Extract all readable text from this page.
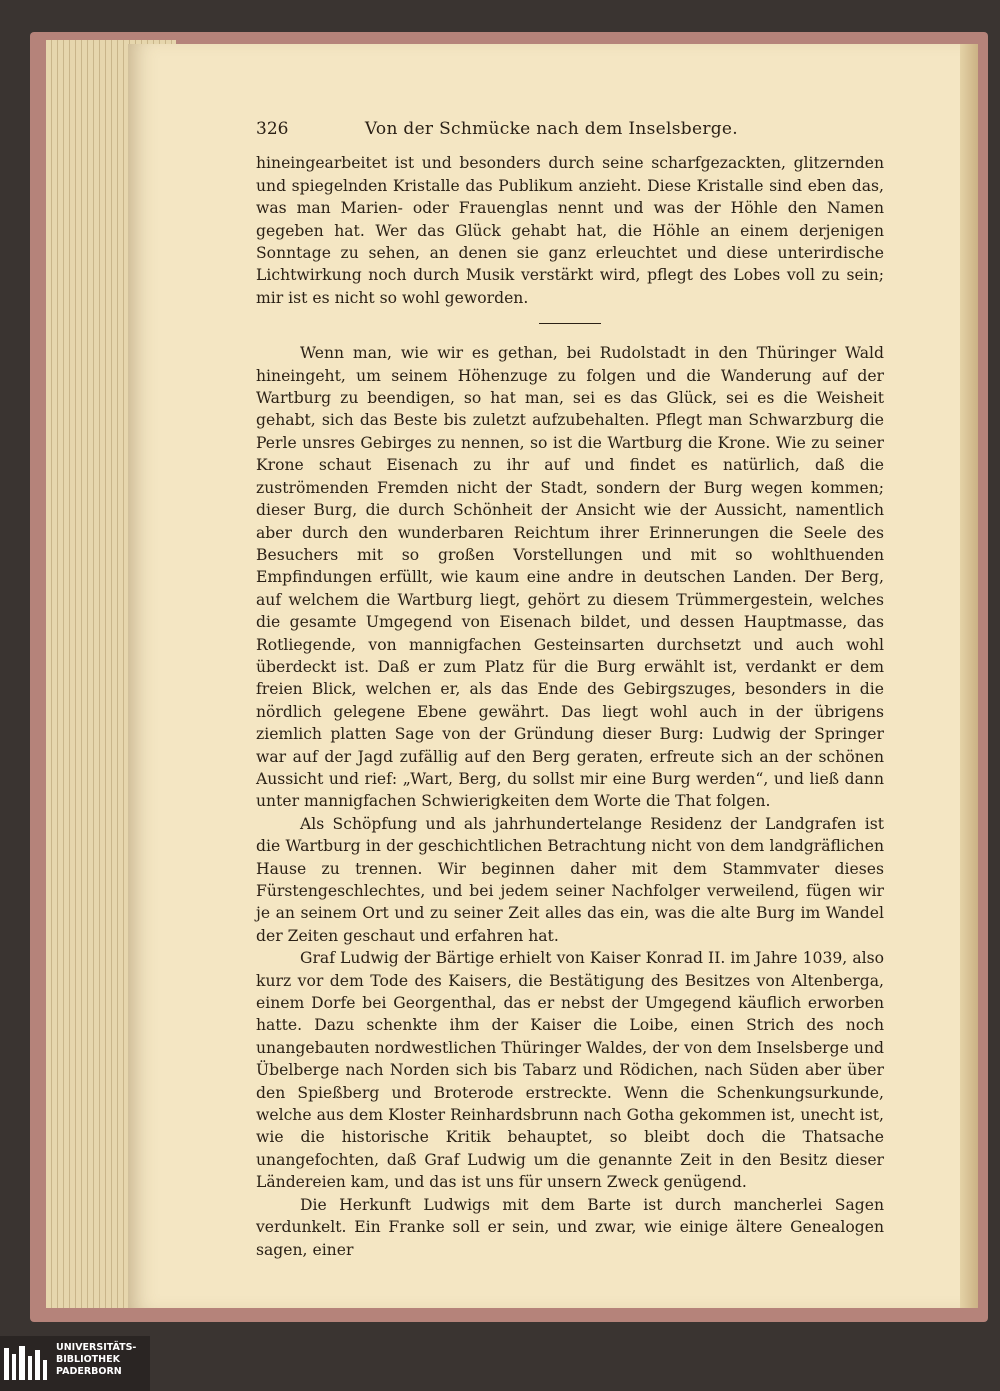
326	Von der Schmücke nach dem Inselsberge.

hineingearbeitet ist und besonders durch seine scharfgezackten, glitzernden und spiegelnden Kristalle das Publikum anzieht. Diese Kristalle sind eben das, was man Marien- oder Frauenglas nennt und was der Höhle den Namen gegeben hat. Wer das Glück gehabt hat, die Höhle an einem derjenigen Sonntage zu sehen, an denen sie ganz erleuchtet und diese unterirdische Lichtwirkung noch durch Musik verstärkt wird, pflegt des Lobes voll zu sein; mir ist es nicht so wohl geworden.

Wenn man, wie wir es gethan, bei Rudolstadt in den Thüringer Wald hineingeht, um seinem Höhenzuge zu folgen und die Wanderung auf der Wartburg zu beendigen, so hat man, sei es das Glück, sei es die Weisheit gehabt, sich das Beste bis zuletzt aufzubehalten. Pflegt man Schwarzburg die Perle unsres Gebirges zu nennen, so ist die Wartburg die Krone. Wie zu seiner Krone schaut Eisenach zu ihr auf und findet es natürlich, daß die zuströmenden Fremden nicht der Stadt, sondern der Burg wegen kommen; dieser Burg, die durch Schönheit der Ansicht wie der Aussicht, namentlich aber durch den wunderbaren Reichtum ihrer Erinnerungen die Seele des Besuchers mit so großen Vorstellungen und mit so wohlthuenden Empfindungen erfüllt, wie kaum eine andre in deutschen Landen. Der Berg, auf welchem die Wartburg liegt, gehört zu diesem Trümmergestein, welches die gesamte Umgegend von Eisenach bildet, und dessen Hauptmasse, das Rotliegende, von mannigfachen Gesteinsarten durchsetzt und auch wohl überdeckt ist. Daß er zum Platz für die Burg erwählt ist, verdankt er dem freien Blick, welchen er, als das Ende des Gebirgszuges, besonders in die nördlich gelegene Ebene gewährt. Das liegt wohl auch in der übrigens ziemlich platten Sage von der Gründung dieser Burg: Ludwig der Springer war auf der Jagd zufällig auf den Berg geraten, erfreute sich an der schönen Aussicht und rief: „Wart, Berg, du sollst mir eine Burg werden“, und ließ dann unter mannigfachen Schwierigkeiten dem Worte die That folgen.

Als Schöpfung und als jahrhundertelange Residenz der Landgrafen ist die Wartburg in der geschichtlichen Betrachtung nicht von dem landgräflichen Hause zu trennen. Wir beginnen daher mit dem Stammvater dieses Fürstengeschlechtes, und bei jedem seiner Nachfolger verweilend, fügen wir je an seinem Ort und zu seiner Zeit alles das ein, was die alte Burg im Wandel der Zeiten geschaut und erfahren hat.

Graf Ludwig der Bärtige erhielt von Kaiser Konrad II. im Jahre 1039, also kurz vor dem Tode des Kaisers, die Bestätigung des Besitzes von Altenberga, einem Dorfe bei Georgenthal, das er nebst der Umgegend käuflich erworben hatte. Dazu schenkte ihm der Kaiser die Loibe, einen Strich des noch unangebauten nordwestlichen Thüringer Waldes, der von dem Inselsberge und Übelberge nach Norden sich bis Tabarz und Rödichen, nach Süden aber über den Spießberg und Broterode erstreckte. Wenn die Schenkungsurkunde, welche aus dem Kloster Reinhardsbrunn nach Gotha gekommen ist, unecht ist, wie die historische Kritik behauptet, so bleibt doch die Thatsache unangefochten, daß Graf Ludwig um die genannte Zeit in den Besitz dieser Ländereien kam, und das ist uns für unsern Zweck genügend.

Die Herkunft Ludwigs mit dem Barte ist durch mancherlei Sagen verdunkelt. Ein Franke soll er sein, und zwar, wie einige ältere Genealogen sagen, einer

UNIVERSITÄTS-
BIBLIOTHEK
PADERBORN
